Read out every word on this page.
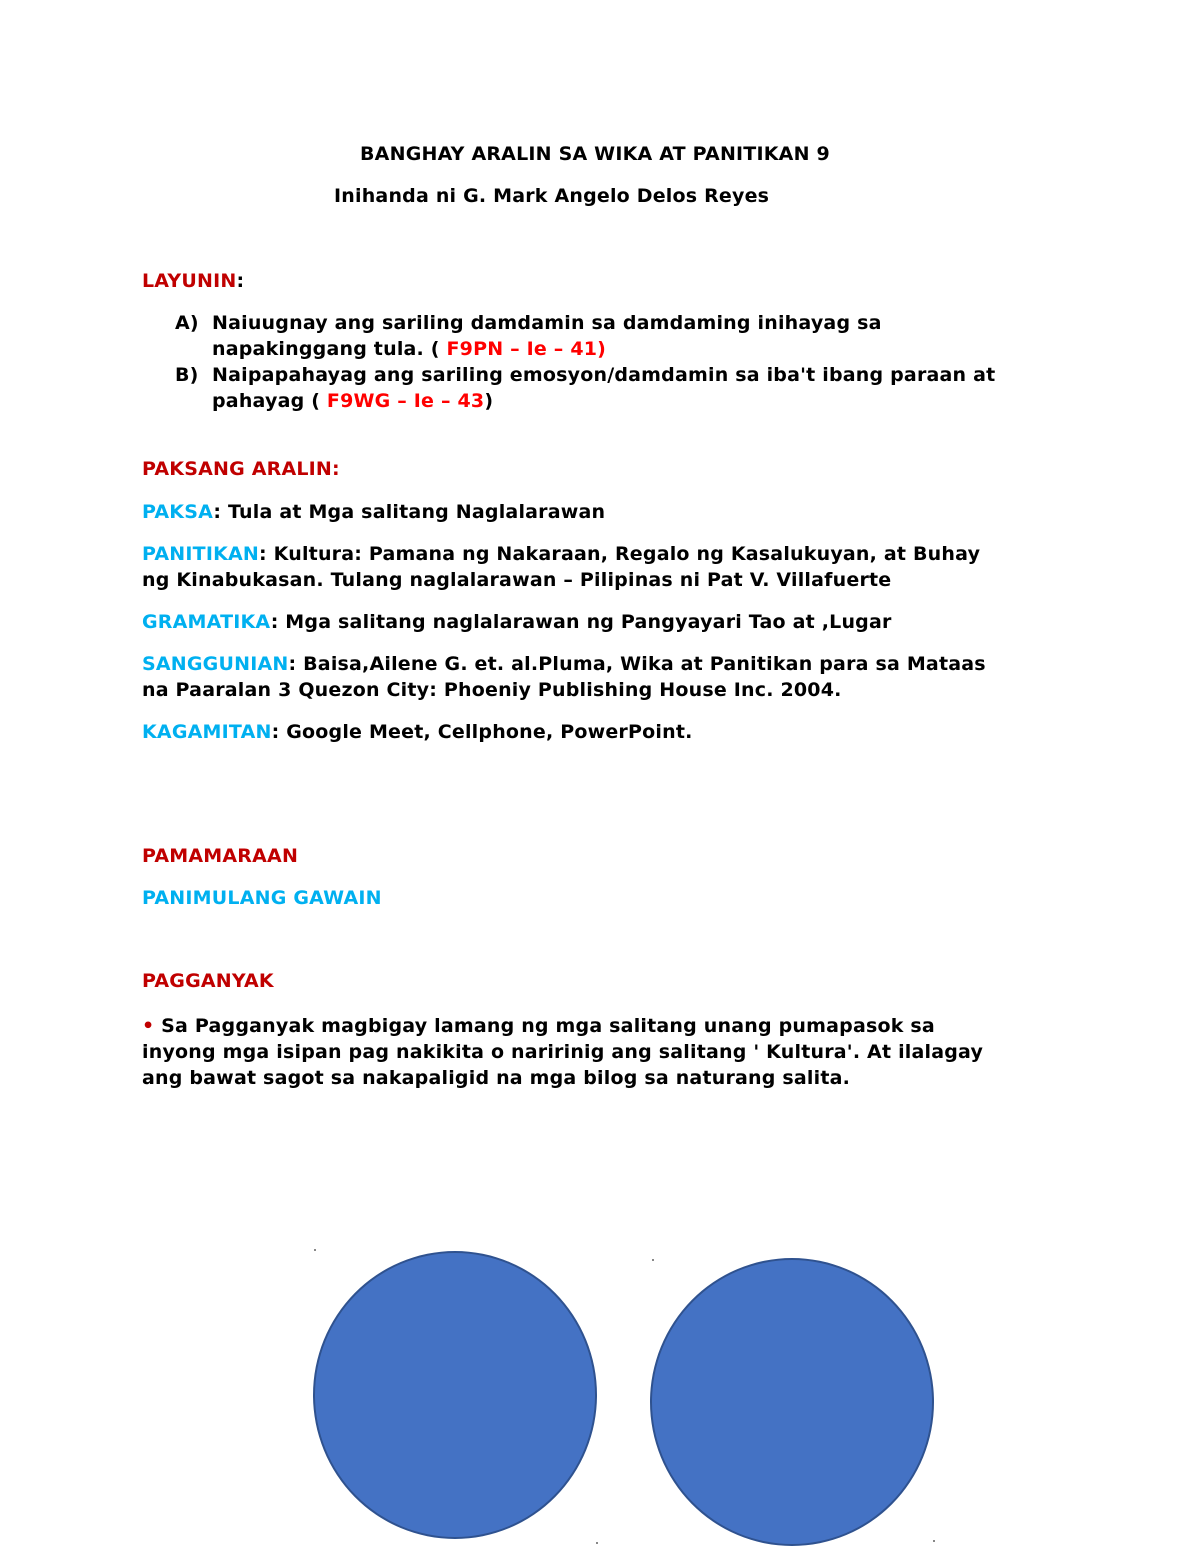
BANGHAY ARALIN SA WIKA AT PANITIKAN 9
Inihanda ni G. Mark Angelo Delos Reyes
LAYUNIN:
A) Naiuugnay ang sariling damdamin sa damdaming inihayag sa
napakinggang tula. ( F9PN – Ie – 41)
B) Naipapahayag ang sariling emosyon/damdamin sa iba't ibang paraan at
pahayag ( F9WG – Ie – 43)
PAKSANG ARALIN:
PAKSA: Tula at Mga salitang Naglalarawan
PANITIKAN: Kultura: Pamana ng Nakaraan, Regalo ng Kasalukuyan, at Buhay
ng Kinabukasan. Tulang naglalarawan – Pilipinas ni Pat V. Villafuerte
GRAMATIKA: Mga salitang naglalarawan ng Pangyayari Tao at ,Lugar
SANGGUNIAN: Baisa,Ailene G. et. al.Pluma, Wika at Panitikan para sa Mataas
na Paaralan 3 Quezon City: Phoeniy Publishing House Inc. 2004.
KAGAMITAN: Google Meet, Cellphone, PowerPoint.
PAMAMARAAN
PANIMULANG GAWAIN
PAGGANYAK
• Sa Pagganyak magbigay lamang ng mga salitang unang pumapasok sa
inyong mga isipan pag nakikita o naririnig ang salitang ' Kultura'. At ilalagay
ang bawat sagot sa nakapaligid na mga bilog sa naturang salita.
